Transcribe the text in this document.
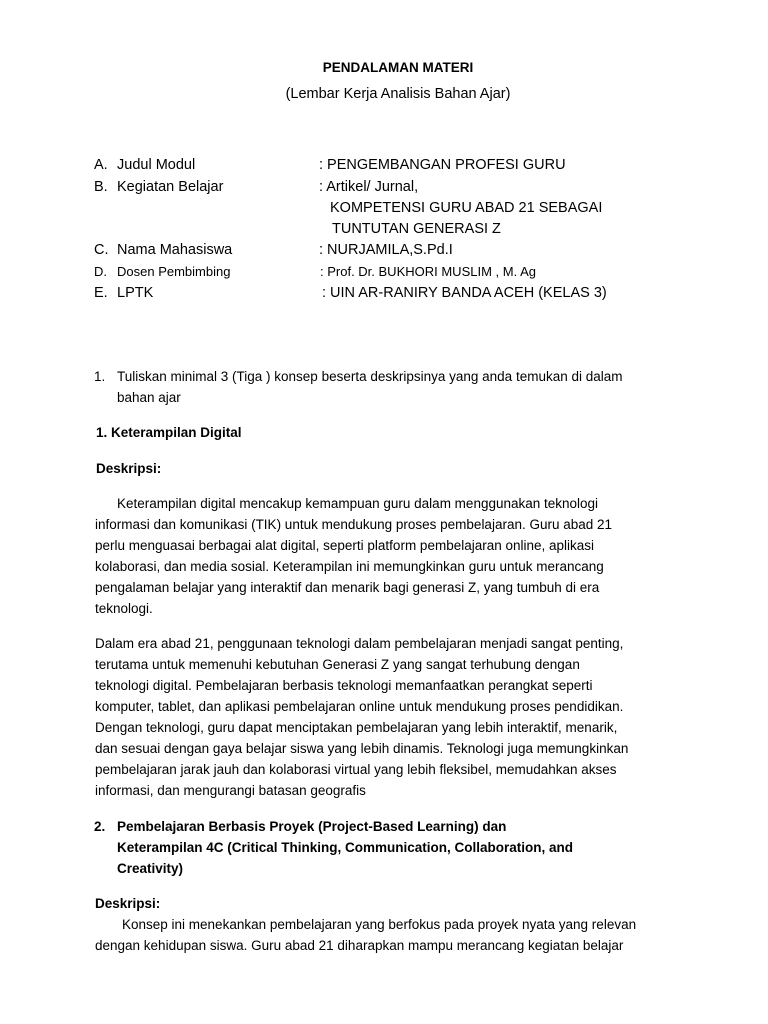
PENDALAMAN MATERI
(Lembar Kerja Analisis Bahan Ajar)
A. Judul Modul	: PENGEMBANGAN PROFESI GURU
B. Kegiatan Belajar	: Artikel/ Jurnal,
KOMPETENSI GURU ABAD 21 SEBAGAI
TUNTUTAN GENERASI Z
C. Nama Mahasiswa	: NURJAMILA,S.Pd.I
D. Dosen Pembimbing	: Prof. Dr. BUKHORI MUSLIM , M. Ag
E. LPTK	: UIN AR-RANIRY BANDA ACEH (KELAS 3)
1. Tuliskan minimal 3 (Tiga ) konsep beserta deskripsinya yang anda temukan di dalam
bahan ajar
1. Keterampilan Digital
Deskripsi:
Keterampilan digital mencakup kemampuan guru dalam menggunakan teknologi
informasi dan komunikasi (TIK) untuk mendukung proses pembelajaran. Guru abad 21
perlu menguasai berbagai alat digital, seperti platform pembelajaran online, aplikasi
kolaborasi, dan media sosial. Keterampilan ini memungkinkan guru untuk merancang
pengalaman belajar yang interaktif dan menarik bagi generasi Z, yang tumbuh di era
teknologi.
Dalam era abad 21, penggunaan teknologi dalam pembelajaran menjadi sangat penting,
terutama untuk memenuhi kebutuhan Generasi Z yang sangat terhubung dengan
teknologi digital. Pembelajaran berbasis teknologi memanfaatkan perangkat seperti
komputer, tablet, dan aplikasi pembelajaran online untuk mendukung proses pendidikan.
Dengan teknologi, guru dapat menciptakan pembelajaran yang lebih interaktif, menarik,
dan sesuai dengan gaya belajar siswa yang lebih dinamis. Teknologi juga memungkinkan
pembelajaran jarak jauh dan kolaborasi virtual yang lebih fleksibel, memudahkan akses
informasi, dan mengurangi batasan geografis
2. Pembelajaran Berbasis Proyek (Project-Based Learning) dan
Keterampilan 4C (Critical Thinking, Communication, Collaboration, and
Creativity)
Deskripsi:
Konsep ini menekankan pembelajaran yang berfokus pada proyek nyata yang relevan
dengan kehidupan siswa. Guru abad 21 diharapkan mampu merancang kegiatan belajar
